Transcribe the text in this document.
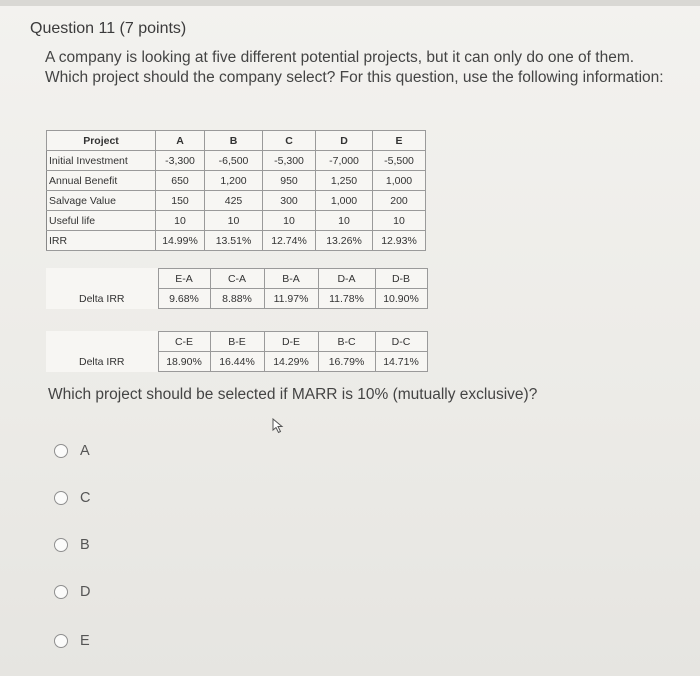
Question 11 (7 points)
A company is looking at five different potential projects, but it can only do one of them. Which project should the company select? For this question, use the following information:
Project	A	B	C	D	E
Initial Investment	-3,300	-6,500	-5,300	-7,000	-5,500
Annual Benefit	650	1,200	950	1,250	1,000
Salvage Value	150	425	300	1,000	200
Useful life	10	10	10	10	10
IRR	14.99%	13.51%	12.74%	13.26%	12.93%
	E-A	C-A	B-A	D-A	D-B
Delta IRR	9.68%	8.88%	11.97%	11.78%	10.90%
	C-E	B-E	D-E	B-C	D-C
Delta IRR	18.90%	16.44%	14.29%	16.79%	14.71%
Which project should be selected if MARR is 10% (mutually exclusive)?
A
C
B
D
E
